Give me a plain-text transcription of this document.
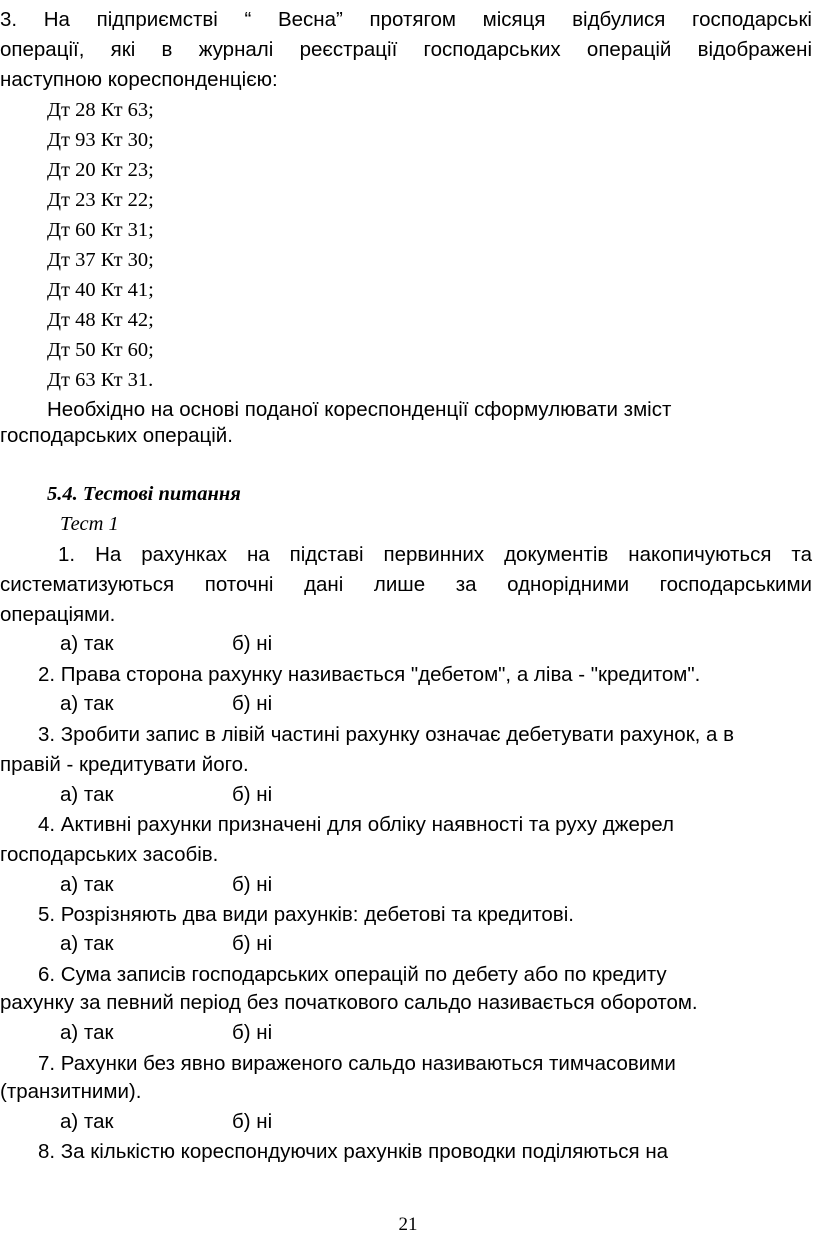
3. На підприємстві “ Весна” протягом місяця відбулися господарські
операції, які в журналі реєстрації господарських операцій відображені
наступною кореспонденцією:
Дт 28 Кт 63;
Дт 93 Кт 30;
Дт 20 Кт 23;
Дт 23 Кт 22;
Дт 60 Кт 31;
Дт 37 Кт 30;
Дт 40 Кт 41;
Дт 48 Кт 42;
Дт 50 Кт 60;
Дт 63 Кт 31.
Необхідно на основі поданої кореспонденції сформулювати зміст
господарських операцій.
5.4. Тестові питання
Тест 1
1. На рахунках на підставі первинних документів накопичуються та
систематизуються поточні дані лише за однорідними господарськими
операціями.
а) так	б) ні
2. Права сторона рахунку називається "дебетом", а ліва - "кредитом".
а) так	б) ні
3. Зробити запис в лівій частині рахунку означає дебетувати рахунок, а в
правій - кредитувати його.
а) так	б) ні
4. Активні рахунки призначені для обліку наявності та руху джерел
господарських засобів.
а) так	б) ні
5. Розрізняють два види рахунків: дебетові та кредитові.
а) так	б) ні
6. Сума записів господарських операцій по дебету або по кредиту
рахунку за певний період без початкового сальдо називається оборотом.
а) так	б) ні
7. Рахунки без явно вираженого сальдо називаються тимчасовими
(транзитними).
а) так	б) ні
8. За кількістю кореспондуючих рахунків проводки поділяються на
21
